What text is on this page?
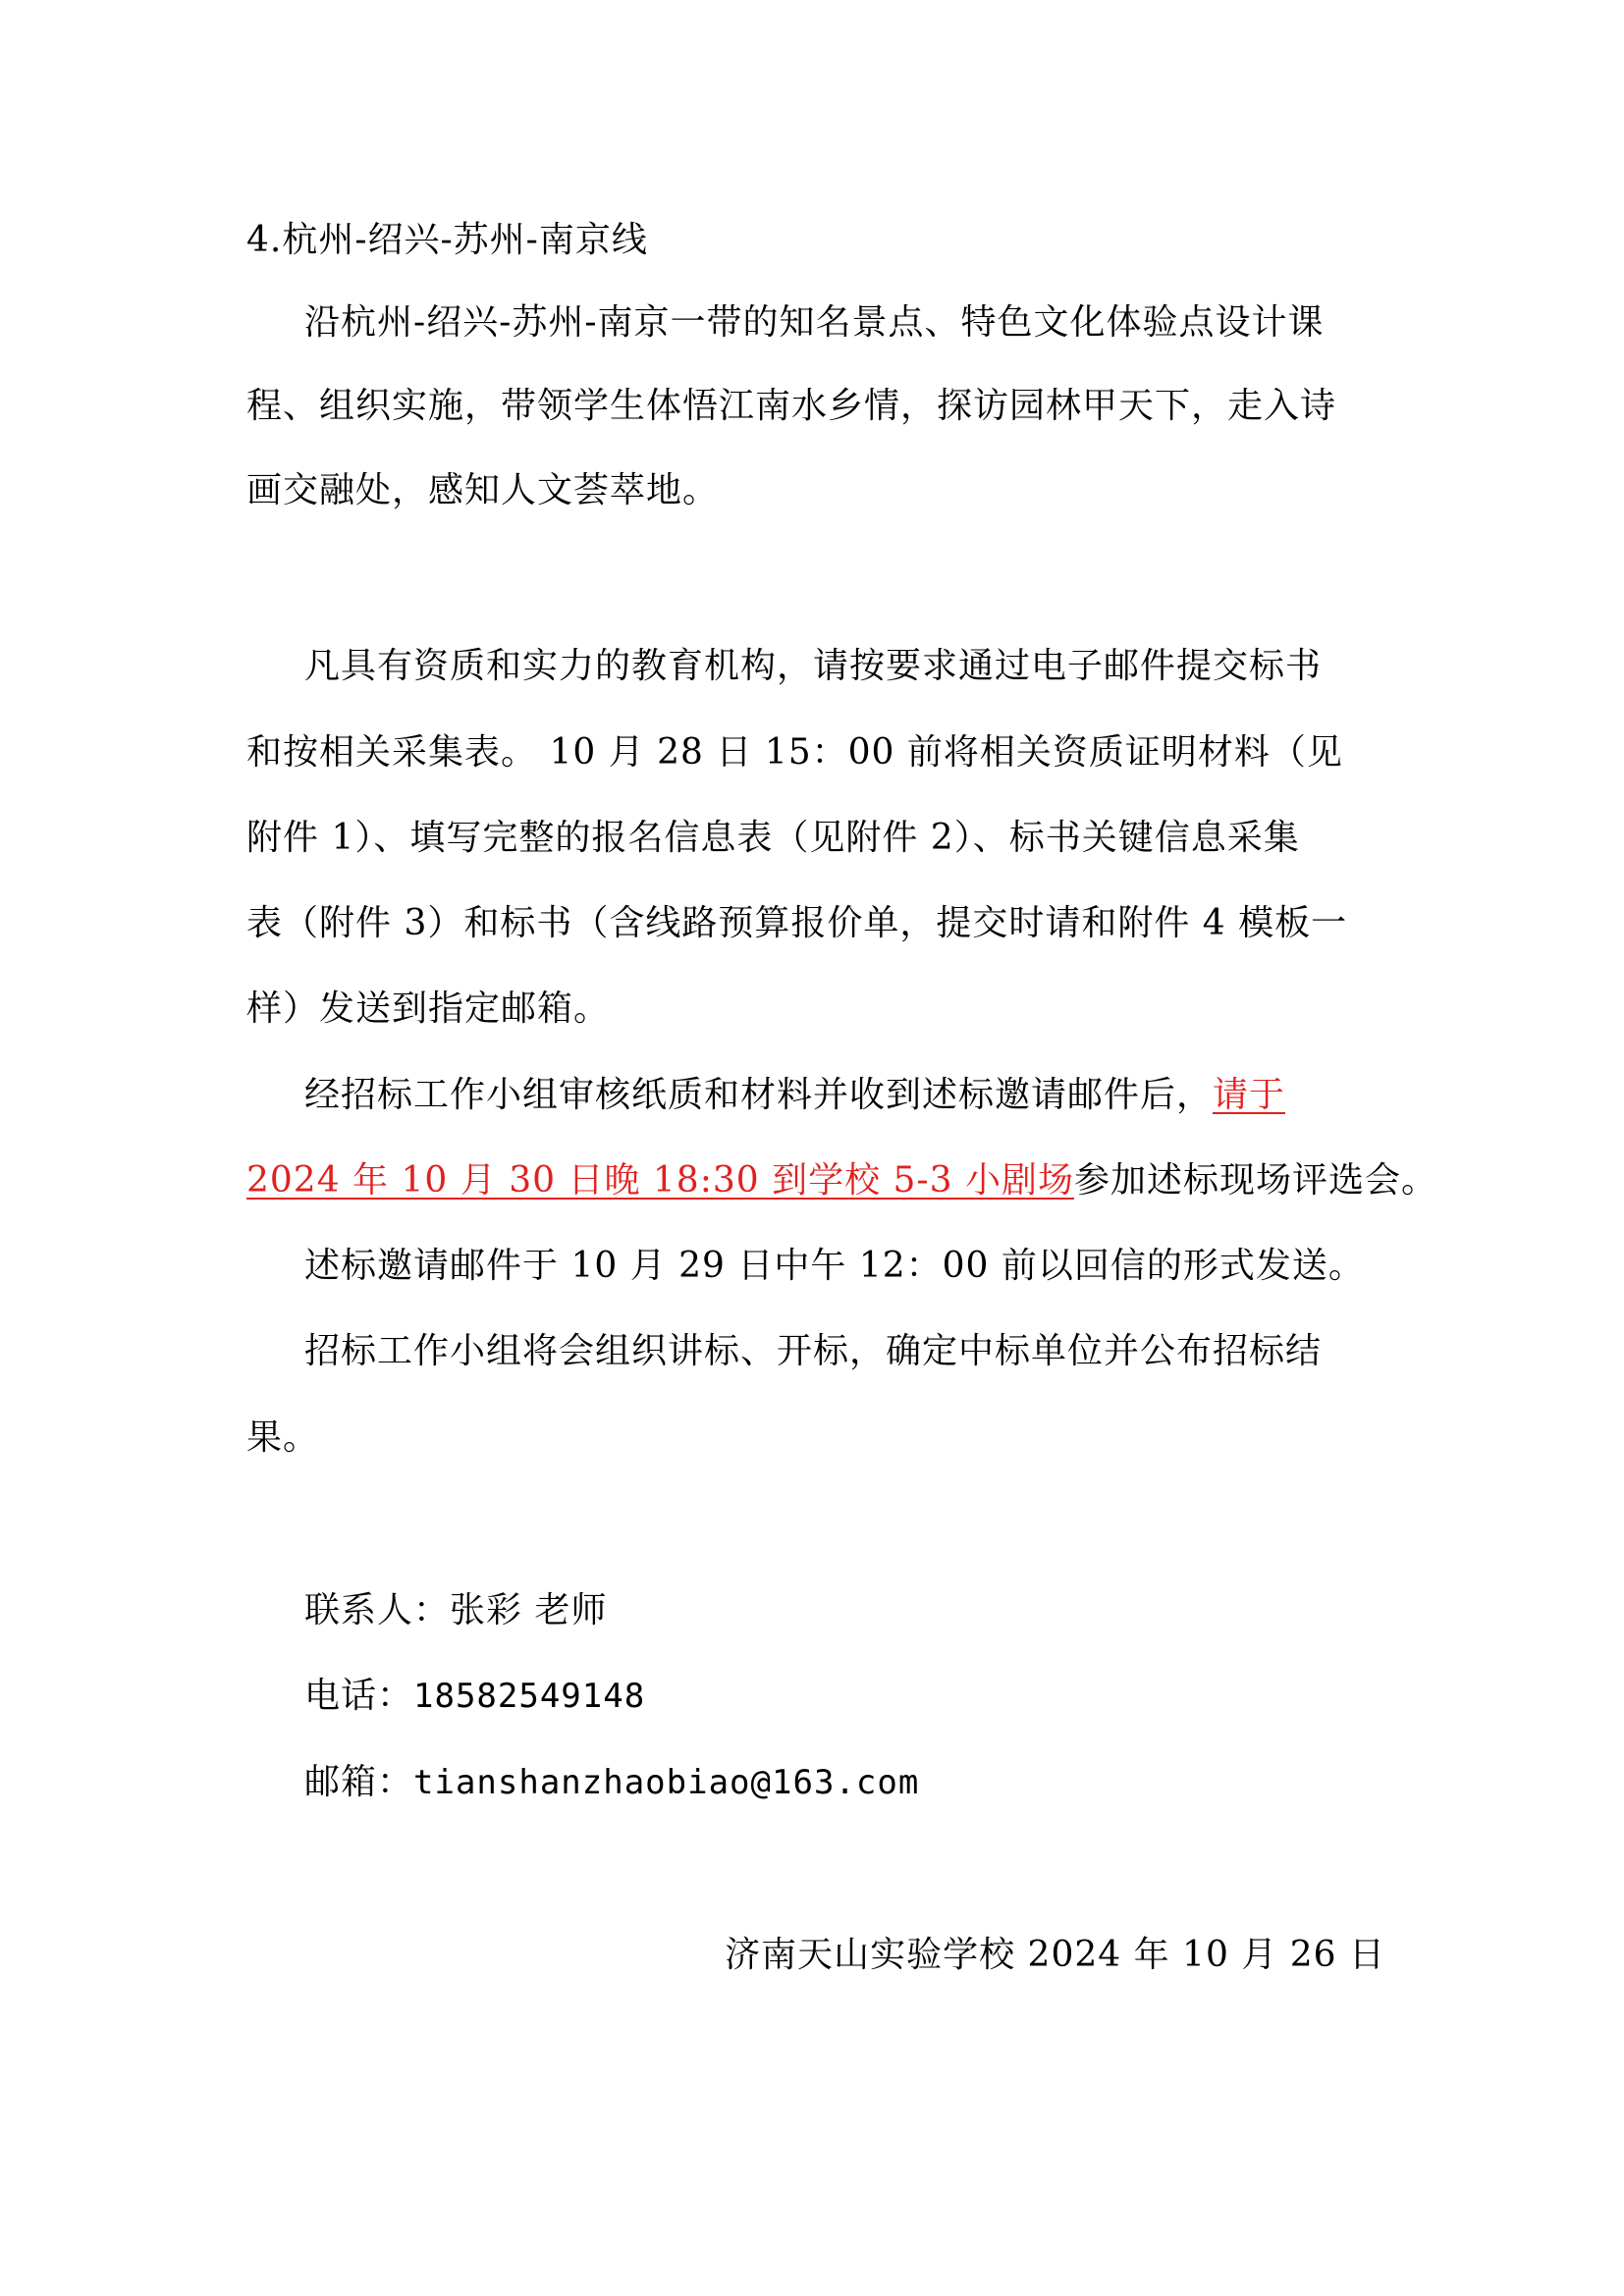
4.杭州-绍兴-苏州-南京线
沿杭州-绍兴-苏州-南京一带的知名景点、特色文化体验点设计课
程、组织实施，带领学生体悟江南水乡情，探访园林甲天下，走入诗
画交融处，感知人文荟萃地。
凡具有资质和实力的教育机构，请按要求通过电子邮件提交标书
和按相关采集表。 10 月 28 日 15：00 前将相关资质证明材料（见
附件 1）、填写完整的报名信息表（见附件 2）、标书关键信息采集
表（附件 3）和标书（含线路预算报价单，提交时请和附件 4 模板一
样）发送到指定邮箱。
经招标工作小组审核纸质和材料并收到述标邀请邮件后，请于
2024 年 10 月 30 日晚 18:30 到学校 5-3 小剧场参加述标现场评选会。
述标邀请邮件于 10 月 29 日中午 12：00 前以回信的形式发送。
招标工作小组将会组织讲标、开标，确定中标单位并公布招标结
果。
联系人：张彩 老师
电话：18582549148
邮箱：tianshanzhaobiao@163.com
济南天山实验学校 2024 年 10 月 26 日
